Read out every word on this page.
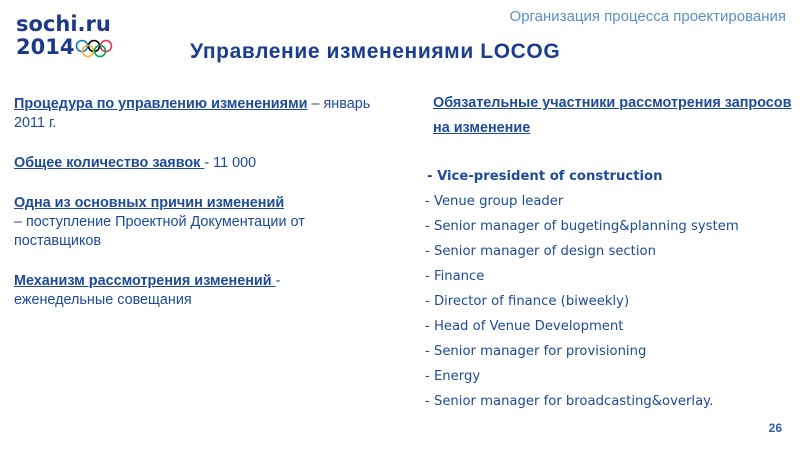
sochi.ru
2014
Организация процесса проектирования
Управление изменениями LOCOG
Процедура по управлению изменениями – январь 2011 г.
Общее количество заявок - 11 000
Одна из основных причин изменений
– поступление Проектной Документации от поставщиков
Механизм рассмотрения изменений - еженедельные совещания
Обязательные участники рассмотрения запросов на изменение
- Vice-president of construction
- Venue group leader
- Senior manager of bugeting&planning system
- Senior manager of design section
- Finance
- Director of finance (biweekly)
- Head of Venue Development
- Senior manager for provisioning
- Energy
- Senior manager for broadcasting&overlay.
26
